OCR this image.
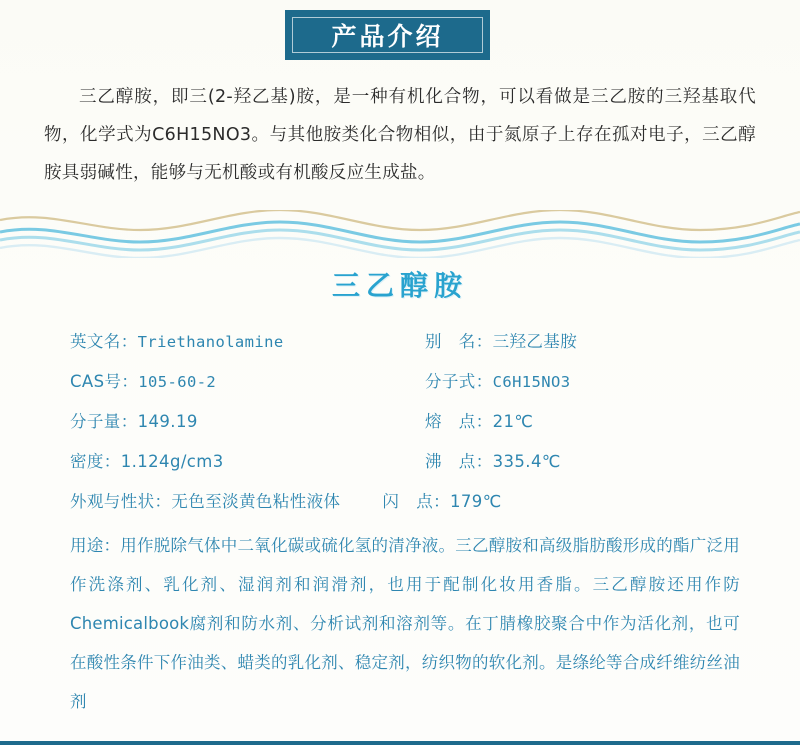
产品介绍

三乙醇胺，即三(2-羟乙基)胺，是一种有机化合物，可以看做是三乙胺的三羟基取代物，化学式为C6H15NO3。与其他胺类化合物相似，由于氮原子上存在孤对电子，三乙醇胺具弱碱性，能够与无机酸或有机酸反应生成盐。

三乙醇胺
英文名：Triethanolamine	别　名：三羟乙基胺
CAS号：105-60-2	分子式：C6H15NO3
分子量：149.19	熔　点：21℃
密度：1.124g/cm3	沸　点：335.4℃
外观与性状：无色至淡黄色粘性液体	闪　点：179℃
用途：用作脱除气体中二氧化碳或硫化氢的清净液。三乙醇胺和高级脂肪酸形成的酯广泛用作洗涤剂、乳化剂、湿润剂和润滑剂，也用于配制化妆用香脂。三乙醇胺还用作防Chemicalbook腐剂和防水剂、分析试剂和溶剂等。在丁腈橡胶聚合中作为活化剂，也可在酸性条件下作油类、蜡类的乳化剂、稳定剂，纺织物的软化剂。是绦纶等合成纤维纺丝油剂
